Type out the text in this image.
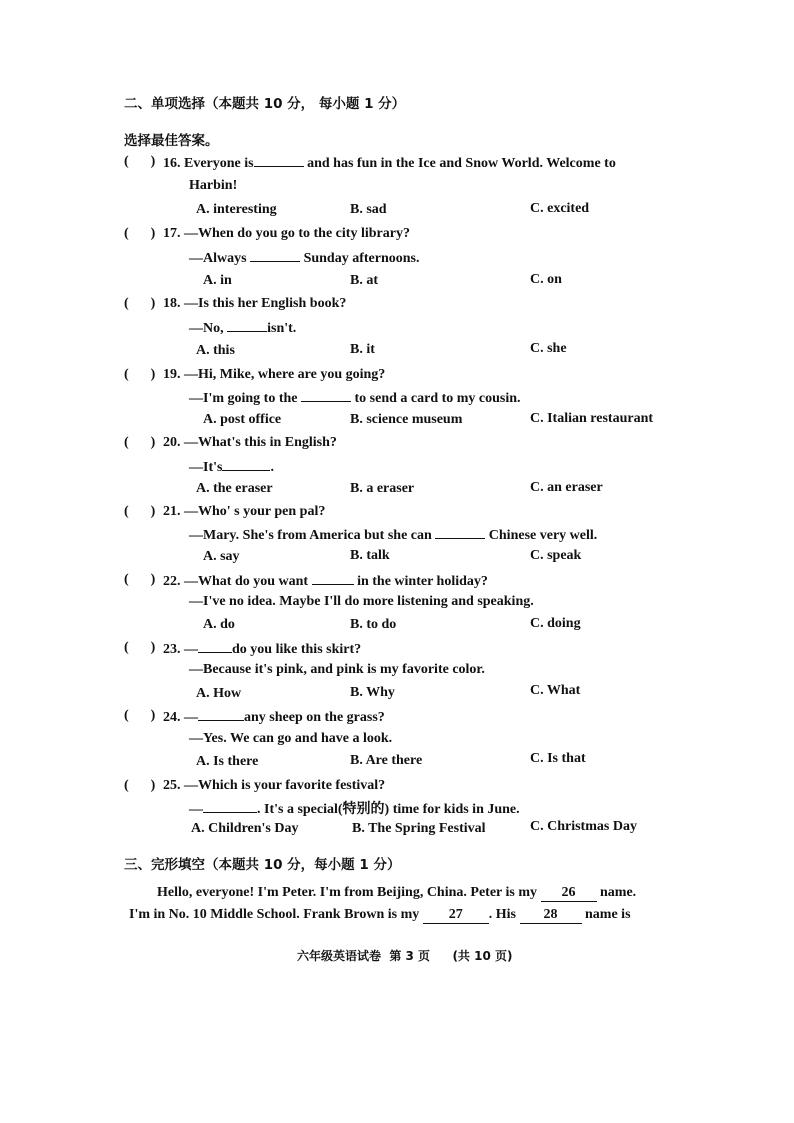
二、单项选择（本题共 10 分， 每小题 1 分）
选择最佳答案。
( ) 16. Everyone is	and has fun in the Ice and Snow World. Welcome to
Harbin!
A. interesting	B. sad	C. excited
( ) 17. —When do you go to the city library?
—Always	Sunday afternoons.
A. in	B. at	C. on
( ) 18. —Is this her English book?
—No,	isn't.
A. this	B. it	C. she
( ) 19. —Hi, Mike, where are you going?
—I'm going to the	to send a card to my cousin.
A. post office	B. science museum	C. Italian restaurant
( ) 20. —What's this in English?
—It's	.
A. the eraser	B. a eraser	C. an eraser
( ) 21. —Who' s your pen pal?
—Mary. She's from America but she can	Chinese very well.
A. say	B. talk	C. speak
( ) 22. —What do you want	in the winter holiday?
—I've no idea. Maybe I'll do more listening and speaking.
A. do	B. to do	C. doing
( ) 23. — do you like this skirt?
—Because it's pink, and pink is my favorite color.
A. How	B. Why	C. What
( ) 24. —	any sheep on the grass?
—Yes. We can go and have a look.
A. Is there	B. Are there	C. Is that
( ) 25. —Which is your favorite festival?
—	. It's a special(特别的) time for kids in June.
A. Children's Day	B. The Spring Festival	C. Christmas Day
三、完形填空（本题共 10 分，每小题 1 分）
Hello, everyone! I'm Peter. I'm from Beijing, China. Peter is my 26 name.
I'm in No. 10 Middle School. Frank Brown is my 27 . His 28 name is
六年级英语试卷  第 3 页 (共 10 页)
